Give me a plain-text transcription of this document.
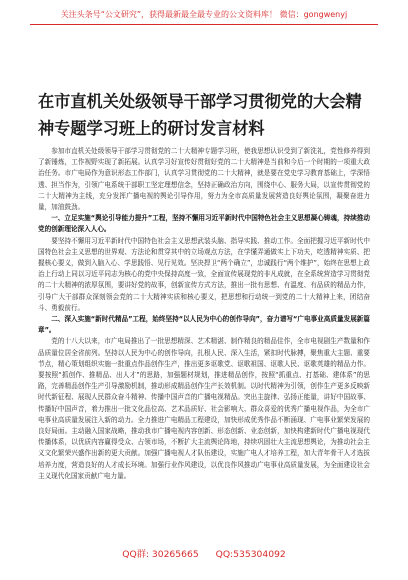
关注头条号“公文研究”，获得最新最全最专业的公文资料库！ 微信：gongwenyj
在市直机关处级领导干部学习贯彻党的大会精神专题学习班上的研讨发言材料

参加市直机关处级领导干部学习贯彻党的二十大精神专题学习班，使我思想认识受到了新洗礼，党性修养得到了新锤炼，工作视野实现了新拓展。认真学习好宣传好贯彻好党的二十大精神是当前和今后一个时期的一项重大政治任务。市广电局作为意识形态工作部门，认真学习贯彻党的二十大精神，就是要在党史学习教育基础上，学深悟透、担当作为，引领广电系统干部职工坚定理想信念，坚持正确政治方向，围绕中心、服务大局，以宣传贯彻党的二十大精神为主线，充分发挥广播电视的舆论引导作用，努力为全市高质量发展营造良好舆论氛围，凝聚奋进力量，加油鼓劲。

一、立足实施“舆论引导能力提升”工程，坚持不懈用习近平新时代中国特色社会主义思想凝心铸魂，持续推动党的创新理论深入人心。

要坚持不懈用习近平新时代中国特色社会主义思想武装头脑、指导实践、推动工作。全面把握习近平新时代中国特色社会主义思想的世界观、方法论和贯穿其中的立场观点方法，在学懂弄通做实上下功夫，吃透精神实质、把握核心要义，做到入脑入心、学思践悟、见行见效。坚决捍卫“两个确立”，忠诚践行“两个维护”，始终在思想上政治上行动上同以习近平同志为核心的党中央保持高度一致，全面宣传展现党的非凡成就，在全系统营造学习贯彻党的二十大精神的浓厚氛围，要讲好党的故事，创新宣传方式方法，推出一批有思想、有温度、有品质的精品力作，引导广大干部群众深刻领会党的二十大精神实质和核心要义，把思想和行动统一到党的二十大精神上来，团结奋斗、勇毅前行。

二、深入实施“新时代精品”工程，始终坚持“以人民为中心的创作导向”，奋力谱写“广电事业高质量发展新篇章”。

党的十八大以来，市广电局推出了一批思想精深、艺术精湛、制作精良的精品佳作，全市电视剧生产数量和作品质量位居全省前列。坚持以人民为中心的创作导向，扎根人民、深入生活，紧扣时代脉搏，聚焦重大主题、重要节点，精心策划组织实施一批重点作品创作生产，推出更多讴歌党、讴歌祖国、讴歌人民、讴歌英雄的精品力作。要按照“抓创作、推精品、出人才”的思路，加强题材规划，推进精品创作，按照“抓重点、打基础、建体系”的思路，完善精品创作生产引导激励机制，推动形成精品创作生产长效机制。以时代精神为引领，创作生产更多反映新时代新征程、展现人民群众奋斗精神、传播中国声音的广播电视精品。突出主旋律、弘扬正能量，讲好中国故事、传播好中国声音，着力推出一批文化品位高、艺术品质好、社会影响大、群众喜爱的优秀广播电视作品，为全市广电事业高质量发展注入新的动力。全力推进广电精品工程建设，加快形成优秀作品不断涌现、广电事业繁荣发展的良好局面。主动融入国家战略，推动我市广播电视内容创新、形态创新、业态创新，加快构建新时代广播电视现代传播体系，以优质内容赢得受众、占领市场，不断扩大主流舆论阵地，持续巩固壮大主流思想舆论，为推动社会主义文化繁荣兴盛作出新的更大贡献。加强广播电视人才队伍建设，实施广电人才培养工程，加大青年骨干人才选拔培养力度，营造良好的人才成长环境。加强行业作风建设，以优良作风推动广电事业高质量发展，为全面建设社会主义现代化国家贡献广电力量。

QQ群: 30265665 QQ:535304092
